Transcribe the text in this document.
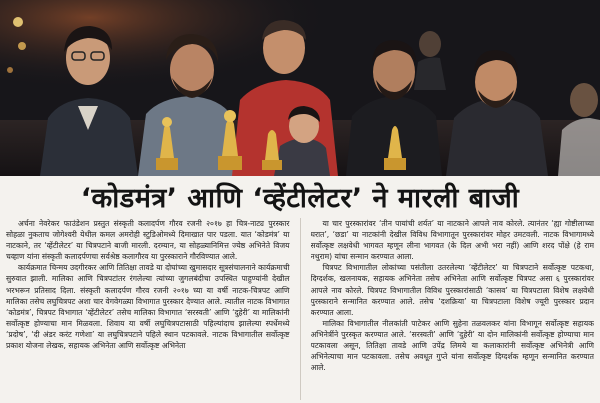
‘कोडमंत्र’ आणि ‘व्हेंटीलेटर’ ने मारली बाजी

अर्चना नेवरेकर फाउंडेशन प्रस्तुत संस्कृती कलादर्पण गौरव रजनी २०१७ हा चित्र-नाट्य पुरस्कार सोहळा नुकताच जोगेश्वरी येथील कमल अमरोही स्टुडिओमध्ये दिमाखात पार पडला. यात ‘कोडमंत्र’ या नाटकाने, तर ‘व्हेंटीलेटर’ या चित्रपटाने बाजी मारली. दरम्यान, या सोहळ्यानिमित्त ज्येष्ठ अभिनेते विजय चव्हाण यांना संस्कृती कलादर्पणचा सर्वश्रेष्ठ कलागौरव या पुरस्काराने गौरविण्यात आले.

कार्यक्रमात चिन्मय उदगीरकर आणि तितिक्षा तावडे या दोघांच्या खुमासदार सूत्रसंचालनाने कार्यक्रमाची सुरुवात झाली. मालिका आणि चित्रपटांतर रंगलेल्या त्यांच्या जुगलबंदीचा उपस्थित पाहुण्यांनी देखील भरभरून प्रतिसाद दिला. संस्कृती कलादर्पण गौरव रजनी २०१७ च्या या वर्षी नाटक-चित्रपट आणि मालिका तसेच लघुचित्रपट अशा चार वेगवेगळ्या विभागात पुरस्कार देण्यात आले. त्यातील नाटक विभागात ‘कोडमंत्र’, चित्रपट विभागात ‘व्हेंटीलेटर’ तसेच मालिका विभागात ‘सरस्वती’ आणि ‘दुहेरी’ या मालिकांनी सर्वोत्कृष्ट होण्याचा मान मिळवला. शिवाय या वर्षी लघुचित्रपटासाठी पहिल्यांदाच झालेल्या स्पर्धेमध्ये ‘प्रदोष’, ‘दी अंडर करंट गणेशा’ या लघुचित्रपटाने पहिले स्थान पटकावले. नाटक विभागातील सर्वोत्कृष्ट प्रकाश योजना लेखक, सहायक अभिनेता आणि सर्वोत्कृष्ट अभिनेता

या चार पुरस्कारांवर ‘तीन पायांची शर्यत’ या नाटकाने आपले नाव कोरले. त्यानंतर ‘ह्या गोष्टीलाच्या घरात’, ‘छडा’ या नाटकांनी देखील विविध विभागातून पुरस्कारांवर मोहर उमटवली. नाटक विभागामध्ये सर्वोत्कृष्ट लक्षवेधी भागवत म्हणून लीना भागवत (के दिल अभी भरा नहीं) आणि शरद पोंक्षे (हे राम नथुराम) यांचा सन्मान करण्यात आला.

चित्रपट विभागातील लोकांच्या पसंतीला उतरलेल्या ‘व्हेंटीलेटर’ या चित्रपटाने सर्वोत्कृष्ट पटकथा, दिग्दर्शक, खलनायक, सहायक अभिनेता तसेच अभिनेता आणि सर्वोत्कृष्ट चित्रपट असा ६ पुरस्कारांवर आपले नाव कोरले. चित्रपट विभागातील विविध पुरस्कारांसाठी ‘कासव’ या चित्रपटाला विशेष लक्षवेधी पुरस्काराने सन्मानित करण्यात आले. तसेच ‘दशक्रिया’ या चित्रपटाला विशेष ज्यूरी पुरस्कार प्रदान करण्यात आला.

मालिका विभागातील नीलकांती पाटेकर आणि सुहेना तळवलकर यांना विभागून सर्वोत्कृष्ट सहायक अभिनेत्रींने पुरस्कृत करण्यात आले. ‘सरस्वती’ आणि ‘दुहेरी’ या दोन मालिकांनी सर्वोत्कृष्ट होण्याचा मान पटकावला असून, तितिक्षा तावडे आणि उपेंद्र लिमये या कलाकारांनी सर्वोत्कृष्ट अभिनेत्री आणि अभिनेत्याचा मान पटकावला. तसेच अवधूत गुप्ते यांना सर्वोत्कृष्ट दिग्दर्शक म्हणून सन्मानित करण्यात आले.
